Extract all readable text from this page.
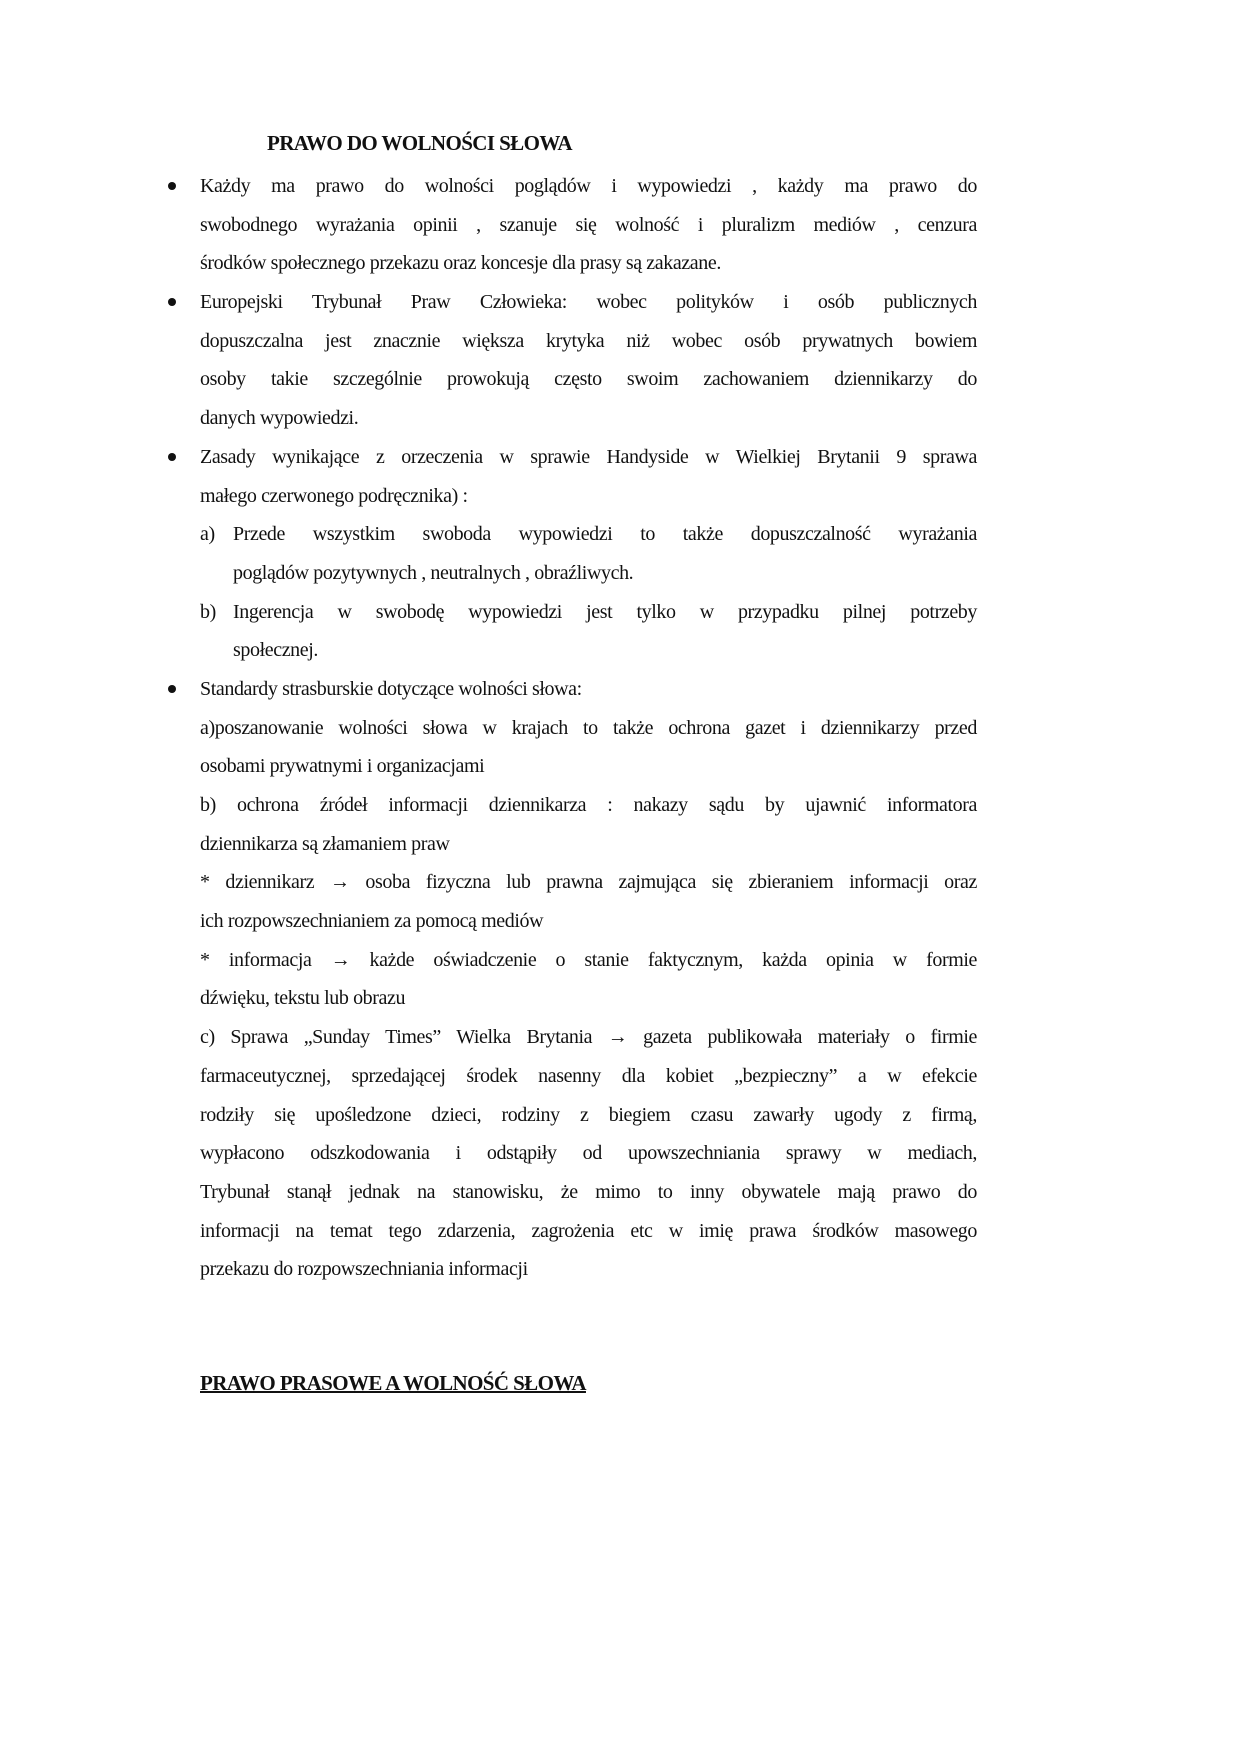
PRAWO DO WOLNOŚCI SŁOWA
Każdy ma prawo do wolności poglądów i wypowiedzi , każdy ma prawo do
swobodnego wyrażania opinii , szanuje się wolność i pluralizm mediów , cenzura
środków społecznego przekazu oraz koncesje dla prasy są zakazane.
Europejski Trybunał Praw Człowieka: wobec polityków i osób publicznych
dopuszczalna jest znacznie większa krytyka niż wobec osób prywatnych bowiem
osoby takie szczególnie prowokują często swoim zachowaniem dziennikarzy do
danych wypowiedzi.
Zasady wynikające z orzeczenia w sprawie Handyside w Wielkiej Brytanii 9 sprawa
małego czerwonego podręcznika) :
a) Przede wszystkim swoboda wypowiedzi to także dopuszczalność wyrażania
poglądów pozytywnych , neutralnych , obraźliwych.
b) Ingerencja w swobodę wypowiedzi jest tylko w przypadku pilnej potrzeby
społecznej.
Standardy strasburskie dotyczące wolności słowa:
a)poszanowanie wolności słowa w krajach to także ochrona gazet i dziennikarzy przed
osobami prywatnymi i organizacjami
b) ochrona źródeł informacji dziennikarza : nakazy sądu by ujawnić informatora
dziennikarza są złamaniem praw
* dziennikarz → osoba fizyczna lub prawna zajmująca się zbieraniem informacji oraz
ich rozpowszechnianiem za pomocą mediów
* informacja → każde oświadczenie o stanie faktycznym, każda opinia w formie
dźwięku, tekstu lub obrazu
c) Sprawa „Sunday Times” Wielka Brytania → gazeta publikowała materiały o firmie
farmaceutycznej, sprzedającej środek nasenny dla kobiet „bezpieczny” a w efekcie
rodziły się upośledzone dzieci, rodziny z biegiem czasu zawarły ugody z firmą,
wypłacono odszkodowania i odstąpiły od upowszechniania sprawy w mediach,
Trybunał stanął jednak na stanowisku, że mimo to inny obywatele mają prawo do
informacji na temat tego zdarzenia, zagrożenia etc w imię prawa środków masowego
przekazu do rozpowszechniania informacji
PRAWO PRASOWE A WOLNOŚĆ SŁOWA
